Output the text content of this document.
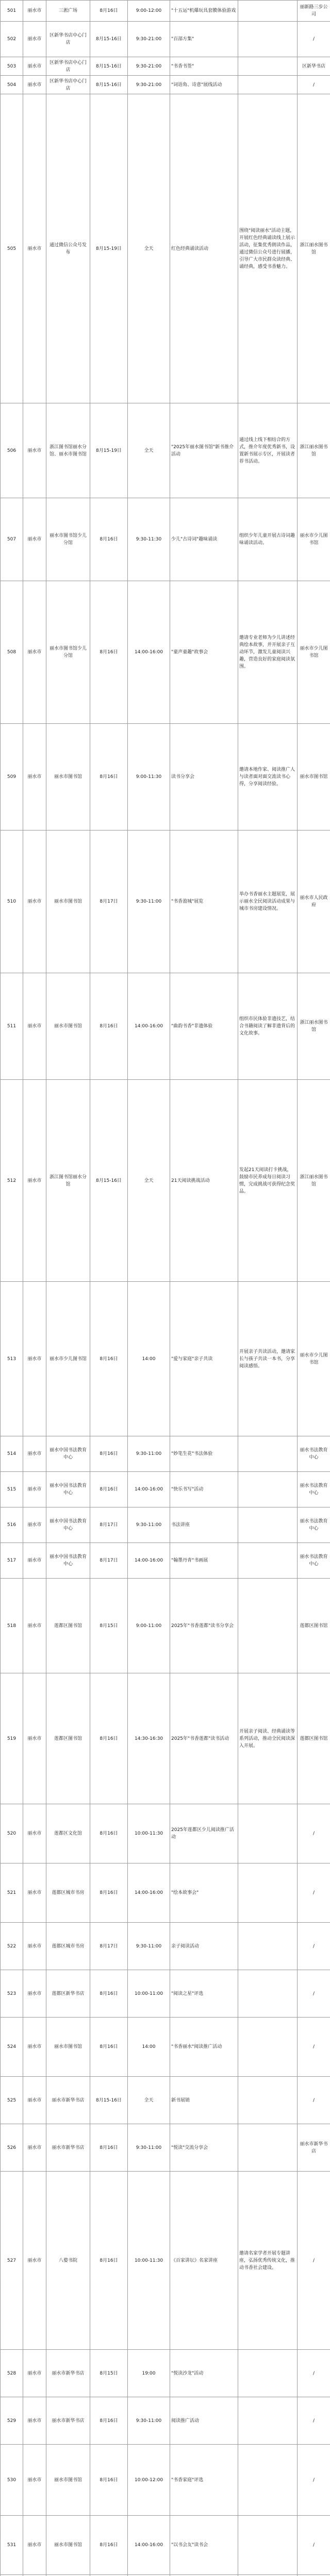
501	丽水市	三淞广场	8月16日	9:00-12:00	"十五运"机爆玩具套膜体验游戏		丽新路三步公司
502	丽水市	区新华书店中心门店	8月15-16日	9:30-21:00	"百部方集"		/
503	丽水市	区新华书店中心门店	8月15-16日	9:30-21:00	"书香书签"		区新华书店
504	丽水市	区新华书店中心门店	8月15-16日	9:30-21:00	"词语角、诗意"展线活动		/
505	丽水市	通过微信公众号发布	8月15-19日	全天	红色经典诵读活动	围绕"阅读丽水"活动主题，开展红色经典诵读线上展示活动，征集优秀朗读作品，通过微信公众号进行展播，引导广大市民群众读经典、诵经典，感受书香魅力。	浙江丽水图书馆
506	丽水市	浙江图书馆丽水分馆、丽水市图书馆	8月15-19日	全天	"2025年丽水图书馆"新书推介活动	通过线上线下相结合的方式，推介年度优秀新书，设置新书展示专区，开展读者荐书活动。	浙江丽水图书馆
507	丽水市	丽水市图书馆少儿分馆	8月16日	9:30-11:30	少儿"古诗词"趣味诵读	组织少年儿童开展古诗词趣味诵读活动。	丽水市少儿图书馆
508	丽水市	丽水市图书馆少儿分馆	8月16日	14:00-16:00	"童声童趣"故事会	邀请专业老师为少儿讲述经典绘本故事，并开展亲子互动环节，激发儿童阅读兴趣，营造良好的家庭阅读氛围。	丽水市少儿图书馆
509	丽水市	丽水市图书馆	8月16日	9:00-11:30	读书分享会	邀请本地作家、阅读推广人与读者面对面交流读书心得，分享阅读经验。	丽水市图书馆
510	丽水市	丽水市图书馆	8月17日	9:30-11:00	"书香盈城"展览	举办书香丽水主题展览，展示丽水全民阅读活动成果与城市书房建设情况。	丽水市人民政府
511	丽水市	丽水市图书馆	8月16日	14:00-16:00	"曲韵书香"非遗体验	组织市民体验非遗技艺，结合书籍阅读了解非遗背后的文化故事。	浙江丽水图书馆
512	丽水市	浙江图书馆丽水分馆	8月15-16日	全天	21天阅读挑战活动	发起21天阅读打卡挑战，鼓励市民养成每日阅读习惯，完成挑战可获得纪念奖品。	浙江丽水图书馆
513	丽水市	丽水市少儿图书馆	8月16日	14:00	"爱与家庭"亲子共读	开展亲子共读活动，邀请家长与孩子共读一本书，分享阅读感悟。	丽水市少儿图书馆
514	丽水市	丽水中国书法教育中心	8月16日	9:30-11:00	"妙笔生花"书法体验		丽水书法教育中心
515	丽水市	丽水中国书法教育中心	8月16日	14:00-16:00	"快乐书写"活动		丽水书法教育中心
516	丽水市	丽水中国书法教育中心	8月17日	9:30-11:00	书法讲座		丽水书法教育中心
517	丽水市	丽水中国书法教育中心	8月17日	14:00-16:00	"翰墨丹青"书画展		丽水书法教育中心
518	丽水市	莲都区图书馆	8月15日	9:00-11:00	2025年"书香莲都"读书分享会		莲都区图书馆
519	丽水市	莲都区图书馆	8月16日	14:30-16:30	2025年"书香莲都"读书活动	开展亲子阅读、经典诵读等系列活动，推动全民阅读深入开展。	莲都区图书馆
520	丽水市	莲都区文化馆	8月16日	10:00-11:30	2025年莲都区少儿阅读推广活动		/
521	丽水市	莲都区城市书房	8月16日	14:00-16:00	"绘本故事会"		/
522	丽水市	莲都区城市书房	8月17日	9:30-11:00	亲子阅读活动		/
523	丽水市	莲都区新华书店	8月16日	10:00-11:00	"阅读之星"评选		/
524	丽水市	丽水市图书馆	8月16日	14:00	"书香丽水"阅读推广活动		/
525	丽水市	丽水市新华书店	8月15-16日	全天	新书展销		/
526	丽水市	丽水市新华书店	8月16日	9:30-11:00	"悦读"交流分享会		丽水市新华书店
527	丽水市	八婺书院	8月16日	10:00-11:30	《百家讲坛》名家讲座	邀请名家学者开展专题讲座，弘扬优秀传统文化，推动书香社会建设。	/
528	丽水市	丽水市新华书店	8月15日	19:00	"悦读沙龙"活动		/
529	丽水市	丽水市新华书店	8月16日	9:30-11:00	阅读推广活动		/
530	丽水市	丽水市图书馆	8月16日	10:00-12:00	"书香家庭"评选		/
531	丽水市	丽水市图书馆	8月16日	14:00-16:00	"以书会友"读书会		/
